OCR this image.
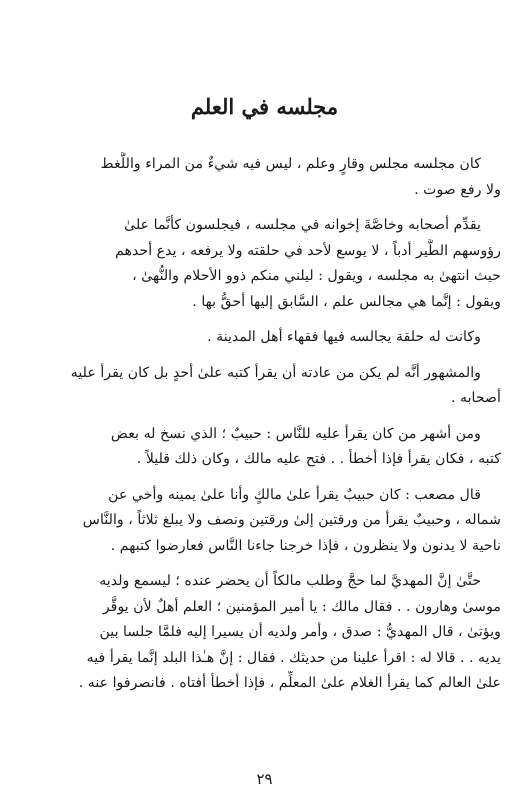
مجلسه في العلم

كان مجلسه مجلس وقارٍ وعلم ، ليس فيه شيءٌ من المراء واللَّغط
ولا رفع صوت .

يقدِّم أصحابه وخاصَّةَ إخوانه في مجلسه ، فيجلسون كأنَّما علىٰ
رؤوسهم الطَّير أدباً ، لا يوسع لأحد في حلقته ولا يرفعه ، يدع أحدهم
حيث انتهىٰ به مجلسه ، ويقول : ليلني منكم ذوو الأحلام والنُّهىٰ ،
ويقول : إنَّما هي مجالس علم ، السَّابق إليها أحقُّ بها .

وكانت له حلقة يجالسه فيها فقهاء أهل المدينة .

والمشهور أنَّه لم يكن من عادته أن يقرأ كتبه علىٰ أحدٍ بل كان يقرأ عليه
أصحابه .

ومن أشهر من كان يقرأ عليه للنَّاس : حبيبٌ ؛ الذي نسخ له بعض
كتبه ، فكان يقرأ فإذا أخطأ . . فتح عليه مالك ، وكان ذلك قليلاً .

قال مصعب : كان حبيبٌ يقرأ علىٰ مالكٍ وأنا علىٰ يمينه وأخي عن
شماله ، وحبيبٌ يقرأ من ورقتين إلىٰ ورقتين ونصف ولا يبلغ ثلاثاً ، والنَّاس
ناحية لا يدنون ولا ينظرون ، فإذا خرجنا جاءنا النَّاس فعارضوا كتبهم .

حتَّىٰ إنَّ المهديَّ لما حجَّ وطلب مالكاً أن يحضر عنده ؛ ليسمع ولديه
موسىٰ وهارون . . فقال مالك : يا أمير المؤمنين ؛ العلم أهلٌ لأن يوقَّر
ويؤتىٰ ، قال المهديُّ : صدق ، وأمر ولديه أن يسيرا إليه فلمَّا جلسا بين
يديه . . قالا له : اقرأ علينا من حديثك . فقال : إنَّ هـٰذا البلد إنَّما يقرأ فيه
علىٰ العالم كما يقرأ الغلام علىٰ المعلِّم ، فإذا أخطأ أفتاه . فانصرفوا عنه .

٢٩
